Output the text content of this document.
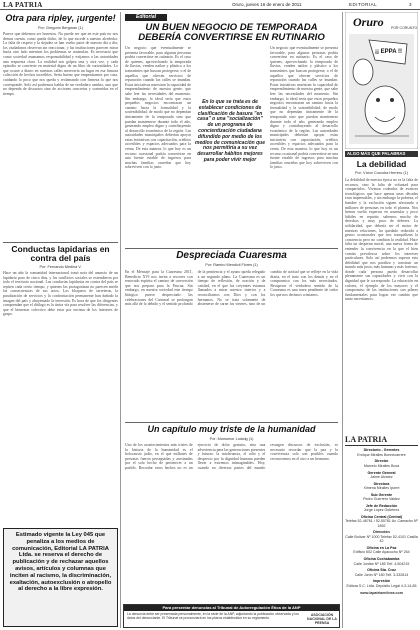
LA PATRIA	Oruro, jueves 16 de enero de 2011	EDITORIAL	3
Otra para ripley, ¡urgente!
Por: Gregorio Bergman (1)
Parece que debemos ser honestos. No puede ser que en este país no nos demos cuenta, como queda dicho, de lo que sucede a nuestro alrededor. La falta de respeto y la dejadez se han vuelto parte de nuestro día a día; los ciudadanos observan sin reaccionar, y las instituciones parecen mirar hacia otro lado mientras los problemas se acumulan. Es necesario que como sociedad asumamos responsabilidad y exijamos a las autoridades una respuesta clara. La realidad nos golpea una y otra vez, y cada episodio se convierte en material digno de un libro de curiosidades. Lo que ocurre a diario en nuestras calles merecería un lugar en esa famosa colección de hechos increíbles. Sería bueno que empezáramos por casa, cuidando lo poco que nos queda y reclamando con firmeza lo que nos corresponde. Solo así podremos hablar de un verdadero cambio, uno que no dependa de discursos sino de acciones concretas y sostenidas en el tiempo.
Conductas lapidarias en contra del país
Por: Fernando Medina V.
Hace un año la comunidad internacional tomó nota del anuncio de un lapidario paro de cinco días, y los conflictos sociales se extendieron por todo el territorio nacional. Las conductas lapidarias en contra del país se repiten cada cierto tiempo, y quienes las protagonizan no parecen medir las consecuencias de sus actos. Los bloqueos de carreteras, la paralización de servicios y la confrontación permanente han dañado la imagen del país y ahuyentado la inversión. Es hora de que los dirigentes comprendan que el diálogo es la única vía para resolver las diferencias, y que el bienestar colectivo debe estar por encima de los intereses de grupo.
Estimado vigente la Ley 045 que penaliza a los medios de comunicación, Editorial LA PATRIA Ltda. se reserva el derecho de publicación y de rechazar aquellos avisos, artículos y columnas que inciten al racismo, la discriminación, exaltación, autoexclusión o atropello al derecho a la libre expresión.
Editorial
UN BUEN NEGOCIO DE TEMPORADA DEBERÍA CONVERTIRSE EN RUTINARIO
Un negocio que eventualmente se presenta favorable, para algunas personas podría convertirse en rutinario. Es el caso de quienes, aprovechando la temporada de lluvias, venden nailon y plástico a los transeúntes que buscan protegerse; o el de aquellos que ofrecen servicios de reparación cuando las calles se inundan. Estas iniciativas muestran la capacidad de emprendimiento de nuestra gente, que sabe leer las necesidades del momento. Sin embargo, lo ideal sería que estos pequeños negocios encontraran un camino hacia la formalidad y la sostenibilidad, de modo que no dependan únicamente de la temporada sino que puedan mantenerse durante todo el año, generando empleo digno y contribuyendo al desarrollo económico de la región. Las autoridades municipales deberían apoyar estas iniciativas con capacitación, créditos accesibles y espacios adecuados para la venta. De esta manera, lo que hoy es un recurso ocasional podría convertirse en una fuente estable de ingresos para muchas familias orureñas que hoy sobreviven con lo justo.
En lo que se trata es de establecer condiciones de clasificación de basura "en casa" o una "socialización" de un programa de concientización ciudadana difundido por medio de los medios de comunicación que nos permitiría a su vez desarrollar hábitos mejores para poder vivir mejor
Un negocio que eventualmente se presenta favorable, para algunas personas podría convertirse en rutinario. Es el caso de quienes, aprovechando la temporada de lluvias, venden nailon y plástico a los transeúntes que buscan protegerse; o el de aquellos que ofrecen servicios de reparación cuando las calles se inundan. Estas iniciativas muestran la capacidad de emprendimiento de nuestra gente, que sabe leer las necesidades del momento. Sin embargo, lo ideal sería que estos pequeños negocios encontraran un camino hacia la formalidad y la sostenibilidad, de modo que no dependan únicamente de la temporada sino que puedan mantenerse durante todo el año, generando empleo digno y contribuyendo al desarrollo económico de la región. Las autoridades municipales deberían apoyar estas iniciativas con capacitación, créditos accesibles y espacios adecuados para la venta. De esta manera, lo que hoy es un recurso ocasional podría convertirse en una fuente estable de ingresos para muchas familias orureñas que hoy sobreviven con lo justo.
Despreciada Cuaresma
Por: Ramiro Mendivil Flores (1)
En el Mensaje para la Cuaresma 2011, Benedicto XVI nos invita a recorrer con renovado espíritu el camino de conversión que nos prepara para la Pascua. Sin embargo, en nuestra sociedad este tiempo litúrgico parece despreciado: las celebraciones del Carnaval se prolongan más allá de lo debido y el sentido profundo de la penitencia y el ayuno queda relegado a un segundo plano. La Cuaresma es un tiempo de reflexión, de oración y de caridad, en el que los creyentes estamos llamados a mirar nuestro interior y a reconciliarnos con Dios y con los hermanos. No se trata solamente de abstenerse de carne los viernes, sino de un cambio de actitud que se refleje en la vida diaria, en el trato con los demás y en el compromiso con los más necesitados. Recuperar el verdadero sentido de la Cuaresma es una tarea pendiente de todos los que nos decimos cristianos.
Un capítulo muy triste de la humanidad
Por: Monsenor Ludwig (1)
Uno de los acontecimientos más tristes de la historia de la humanidad es el holocausto judío, en el que millones de personas fueron perseguidas y asesinadas por el solo hecho de pertenecer a un pueblo. Recordar estos hechos no es un ejercicio de dolor gratuito, sino una advertencia para las generaciones presentes y futuras: la intolerancia, el odio y el desprecio por la dignidad humana pueden llevar a extremos inimaginables. Hoy, cuando en diversas partes del mundo resurgen discursos de exclusión, es necesario recordar que la paz y la convivencia solo son posibles cuando reconocemos en el otro a un hermano.
Para presentar denuncias al Tribunal de Autorregulación Ética de la ANP
La denuncia debe ser presentada personalmente, en la sede de la ANP, adjuntando la publicación observada y los datos del denunciante. El Tribunal se pronunciará en los plazos establecidos en su reglamento.
ASOCIACIÓN NACIONAL DE LA PRENSA
Oruro POR CORUNTO
¡¡ EPPA !!
ALGO MÁS QUE PALABRAS
La debilidad
Por: Víctor Corcoba Herrero (1)
La debilidad de nuestra época no es la falta de recursos, sino la falta de voluntad para compartirlos. Vivimos rodeados de avances tecnológicos que hace apenas unas décadas eran impensables, y sin embargo la pobreza, el hambre y la exclusión siguen afectando a millones de personas en todo el planeta. Nos hemos vuelto expertos en acumular y poco hábiles en repartir; sabemos mucho de derechos y muy poco de deberes. La solidaridad, que debería ser el motor de nuestras relaciones, ha quedado reducida a gestos ocasionales que nos tranquilizan la conciencia pero no cambian la realidad. Hace falta un despertar moral, una nueva forma de entender la convivencia en la que el bien común prevalezca sobre los intereses particulares. Solo así podremos superar esta debilidad que nos paraliza y construir un mundo más justo, más humano y más fraterno, donde cada persona pueda desarrollar plenamente sus capacidades y vivir con la dignidad que le corresponde. La educación en valores, el ejemplo de los mayores y el compromiso de las instituciones son pilares fundamentales para lograr ese cambio que tanto necesitamos.
LA PATRIA
Directorio - Gerentes
Enrique Miralles Bonnecarrere
Director
Marcelo Miralles Bova
Gerente General
Jaime Alvarez
Directora
Ximena Miralles Iporre
Sub Gerente
Pedro Guerrero Valdez
Jefe de Redacción
Jorge López Gutiérrez
Oficina Central (Central)
Telefax 52-46761 / 52-50761 Av. Camacho Nº 1892
Dirección
Calle Bolívar Nº 1000 Telefax 52-4101 Casilla 42
Oficina en La Paz
Edificio 602 Calle Ayacucho Nº 264
Oficina Cochabamba
Calle Jordán Nº 185 Telf. 4-504215
Oficina Sta. Cruz
Calle Junín Nº 180 Telf. 3-332814
Impresión
Editora S.C. Ltda. Depósito Legal 4-3-14-85
www.lapatriaenlinea.com
